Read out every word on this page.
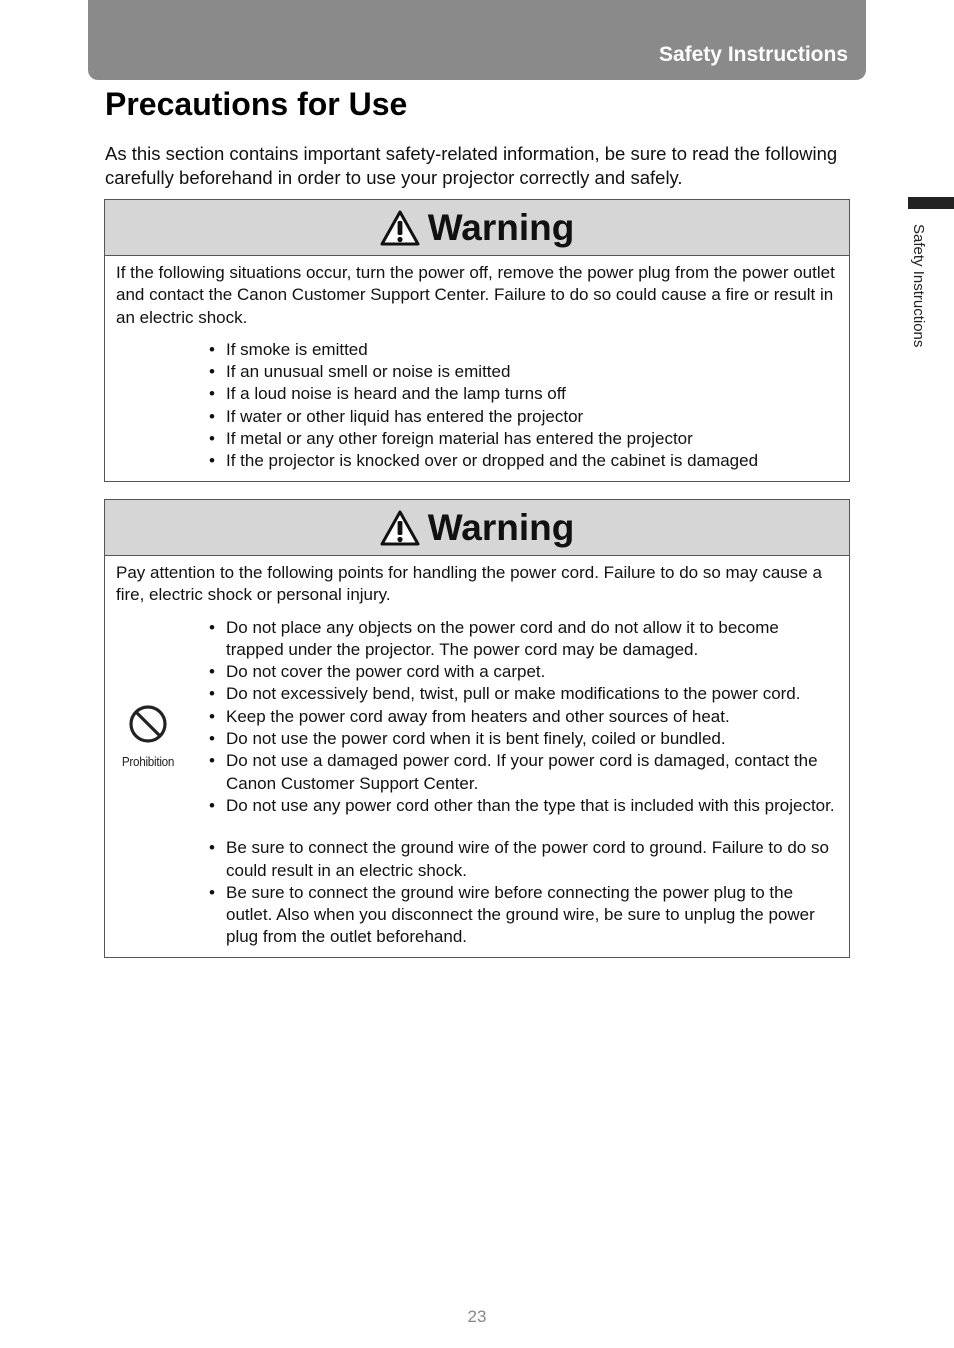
Safety Instructions
Precautions for Use

As this section contains important safety-related information, be sure to read the following carefully beforehand in order to use your projector correctly and safely.

Safety Instructions
Warning

If the following situations occur, turn the power off, remove the power plug from the power outlet and contact the Canon Customer Support Center. Failure to do so could cause a fire or result in an electric shock.

• If smoke is emitted
• If an unusual smell or noise is emitted
• If a loud noise is heard and the lamp turns off
• If water or other liquid has entered the projector
• If metal or any other foreign material has entered the projector
• If the projector is knocked over or dropped and the cabinet is damaged
Warning

Pay attention to the following points for handling the power cord. Failure to do so may cause a fire, electric shock or personal injury.

Prohibition
• Do not place any objects on the power cord and do not allow it to become trapped under the projector. The power cord may be damaged.
• Do not cover the power cord with a carpet.
• Do not excessively bend, twist, pull or make modifications to the power cord.
• Keep the power cord away from heaters and other sources of heat.
• Do not use the power cord when it is bent finely, coiled or bundled.
• Do not use a damaged power cord. If your power cord is damaged, contact the Canon Customer Support Center.
• Do not use any power cord other than the type that is included with this projector.
• Be sure to connect the ground wire of the power cord to ground. Failure to do so could result in an electric shock.
• Be sure to connect the ground wire before connecting the power plug to the outlet. Also when you disconnect the ground wire, be sure to unplug the power plug from the outlet beforehand.
23
